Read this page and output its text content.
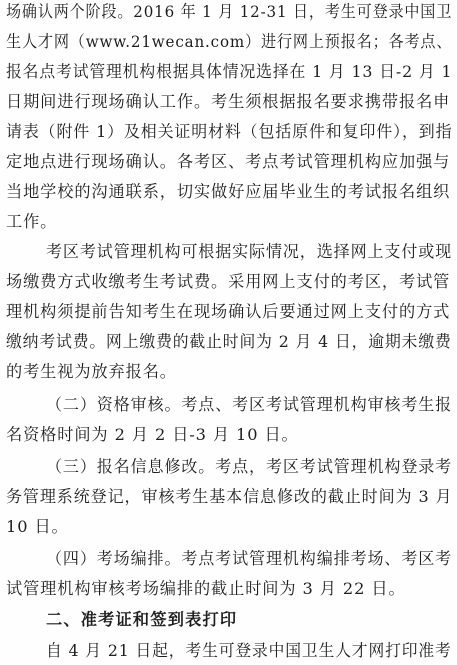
场确认两个阶段。2016 年 1 月 12-31 日，考生可登录中国卫
生人才网（www.21wecan.com）进行网上预报名；各考点、
报名点考试管理机构根据具体情况选择在 1 月 13 日-2 月 1
日期间进行现场确认工作。考生须根据报名要求携带报名申
请表（附件 1）及相关证明材料（包括原件和复印件），到指
定地点进行现场确认。各考区、考点考试管理机构应加强与
当地学校的沟通联系，切实做好应届毕业生的考试报名组织
工作。
考区考试管理机构可根据实际情况，选择网上支付或现
场缴费方式收缴考生考试费。采用网上支付的考区，考试管
理机构须提前告知考生在现场确认后要通过网上支付的方式
缴纳考试费。网上缴费的截止时间为 2 月 4 日，逾期未缴费
的考生视为放弃报名。
（二）资格审核。考点、考区考试管理机构审核考生报
名资格时间为 2 月 2 日-3 月 10 日。
（三）报名信息修改。考点，考区考试管理机构登录考
务管理系统登记，审核考生基本信息修改的截止时间为 3 月
10 日。
（四）考场编排。考点考试管理机构编排考场、考区考
试管理机构审核考场编排的截止时间为 3 月 22 日。
二、准考证和签到表打印
自 4 月 21 日起，考生可登录中国卫生人才网打印准考
